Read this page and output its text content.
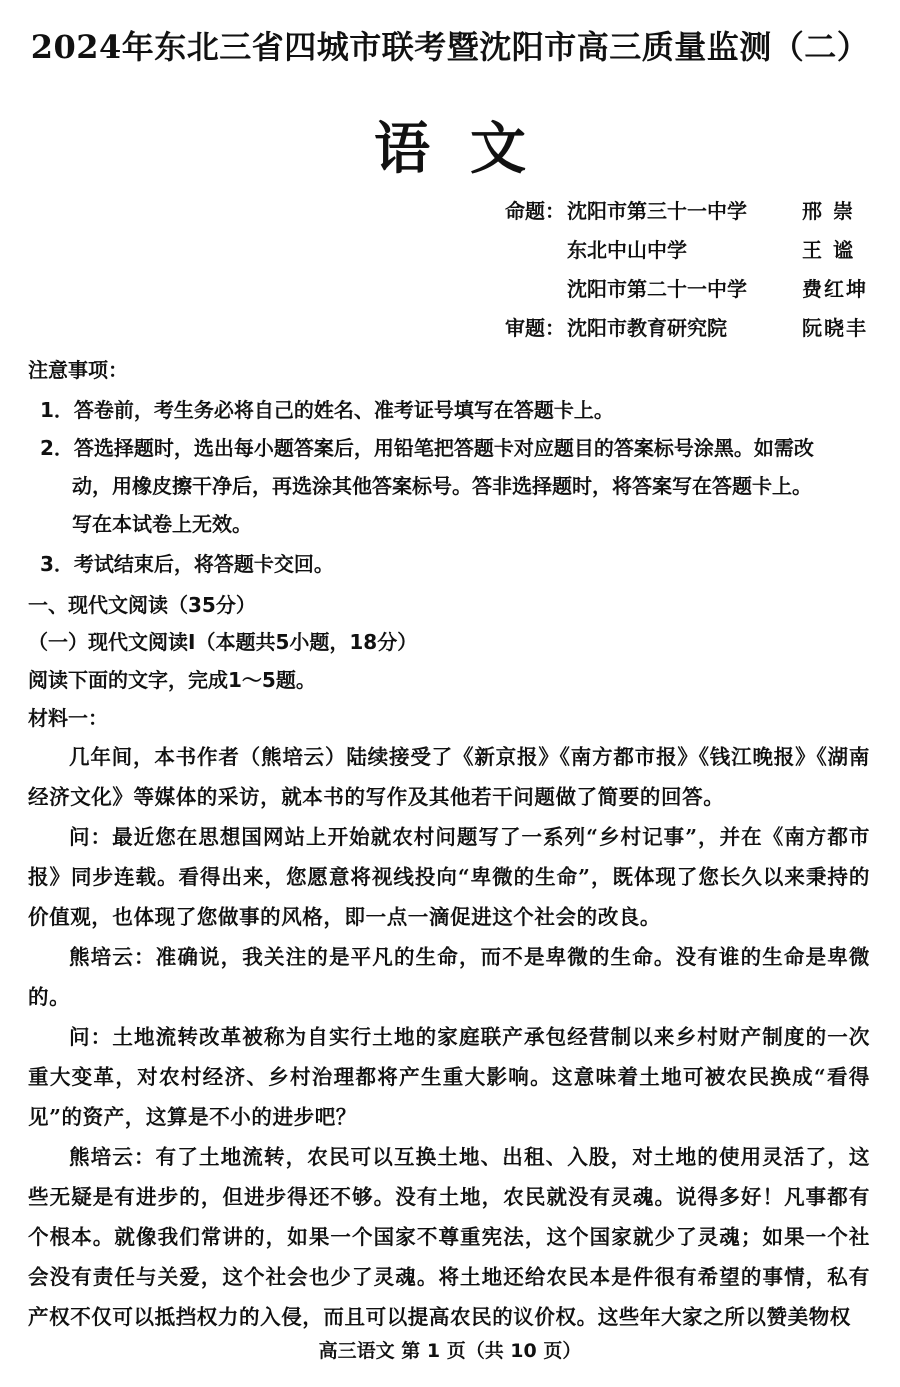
2024年东北三省四城市联考暨沈阳市高三质量监测（二）
语文
命题： 沈阳市第三十一中学	邢 崇
东北中山中学	王 谧
沈阳市第二十一中学	费红坤
审题： 沈阳市教育研究院	阮晓丰
注意事项：
1．答卷前，考生务必将自己的姓名、准考证号填写在答题卡上。
2．答选择题时，选出每小题答案后，用铅笔把答题卡对应题目的答案标号涂黑。如需改
动，用橡皮擦干净后，再选涂其他答案标号。答非选择题时，将答案写在答题卡上。
写在本试卷上无效。
3．考试结束后，将答题卡交回。
一、现代文阅读（35分）
（一）现代文阅读Ⅰ（本题共5小题，18分）
阅读下面的文字，完成1～5题。
材料一：
几年间，本书作者（熊培云）陆续接受了《新京报》《南方都市报》《钱江晚报》《湖南经济文化》等媒体的采访，就本书的写作及其他若干问题做了简要的回答。
问：最近您在思想国网站上开始就农村问题写了一系列“乡村记事”，并在《南方都市报》同步连载。看得出来，您愿意将视线投向“卑微的生命”，既体现了您长久以来秉持的价值观，也体现了您做事的风格，即一点一滴促进这个社会的改良。
熊培云：准确说，我关注的是平凡的生命，而不是卑微的生命。没有谁的生命是卑微的。
问：土地流转改革被称为自实行土地的家庭联产承包经营制以来乡村财产制度的一次重大变革，对农村经济、乡村治理都将产生重大影响。这意味着土地可被农民换成“看得见”的资产，这算是不小的进步吧？
熊培云：有了土地流转，农民可以互换土地、出租、入股，对土地的使用灵活了，这些无疑是有进步的，但进步得还不够。没有土地，农民就没有灵魂。说得多好！凡事都有个根本。就像我们常讲的，如果一个国家不尊重宪法，这个国家就少了灵魂；如果一个社会没有责任与关爱，这个社会也少了灵魂。将土地还给农民本是件很有希望的事情，私有产权不仅可以抵挡权力的入侵，而且可以提高农民的议价权。这些年大家之所以赞美物权
高三语文 第 1 页（共 10 页）
